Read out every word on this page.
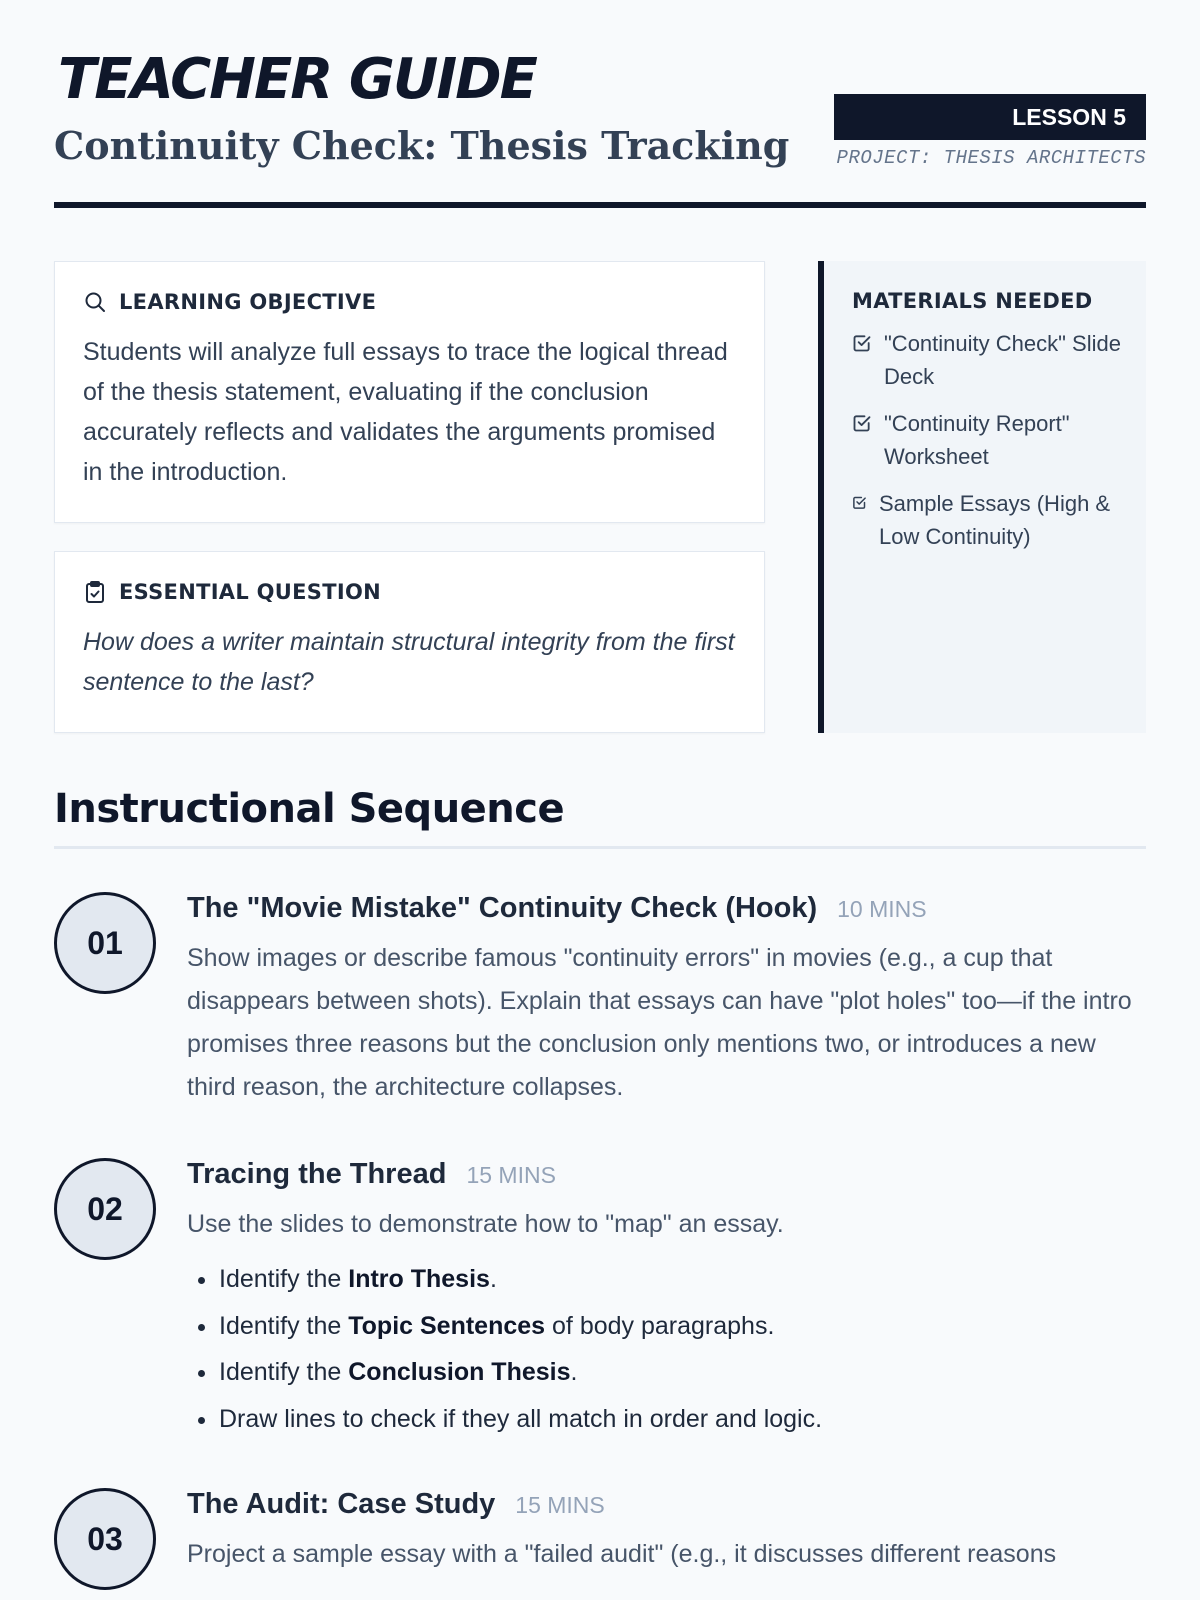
TEACHER GUIDE
Continuity Check: Thesis Tracking
LESSON 5
PROJECT: THESIS ARCHITECTS
LEARNING OBJECTIVE

Students will analyze full essays to trace the logical thread of the thesis statement, evaluating if the conclusion accurately reflects and validates the arguments promised in the introduction.

ESSENTIAL QUESTION

How does a writer maintain structural integrity from the first sentence to the last?

MATERIALS NEEDED
"Continuity Check" Slide Deck
"Continuity Report" Worksheet
Sample Essays (High & Low Continuity)
Instructional Sequence
01
The "Movie Mistake" Continuity Check (Hook) 10 MINS

Show images or describe famous "continuity errors" in movies (e.g., a cup that disappears between shots). Explain that essays can have "plot holes" too—if the intro promises three reasons but the conclusion only mentions two, or introduces a new third reason, the architecture collapses.

02
Tracing the Thread 15 MINS

Use the slides to demonstrate how to "map" an essay.

• Identify the Intro Thesis.
• Identify the Topic Sentences of body paragraphs.
• Identify the Conclusion Thesis.
• Draw lines to check if they all match in order and logic.
03
The Audit: Case Study 15 MINS

Project a sample essay with a "failed audit" (e.g., it discusses different reasons
